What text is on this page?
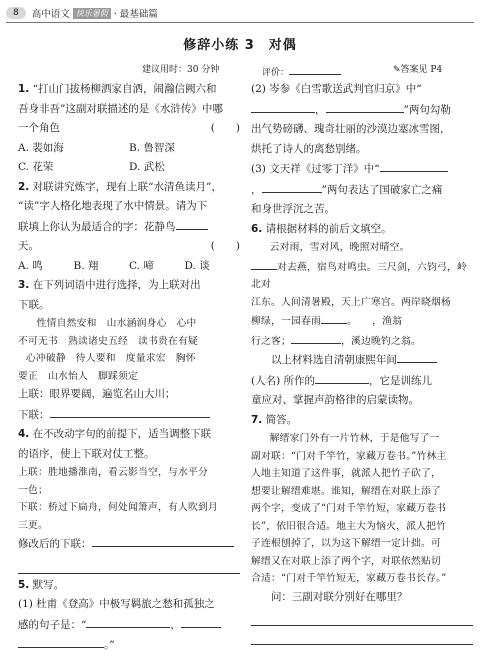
8	高中语文 快乐暑假 · 最基础篇
修辞小练 3　对偶
建议用时：30 分钟	评价：	✎答案见 P4

1. “打山门拔杨柳洒家自洒，闹瀚信阙六和

吾身非吾”这副对联描述的是《水浒传》中哪

一个角色	(　　)

A. 裴如海	B. 鲁智深
C. 花荣	D. 武松

2. 对联讲究炼字，现有上联“水清鱼读月”，

“读”字人格化地表现了水中情景。请为下

联填上你认为最适合的字：花静鸟

天。	(　　)

A. 鸣	B. 翔	C. 啼	D. 谈

3. 在下列词语中进行选择，为上联对出

下联。

性情自然安和　山水涵润身心　心中

不可无书　熟读诸史五经　读书贵在有疑

心冲破静　待人要和　度量求宏　胸怀

要正　山水怡人　脚踩须定

上联：眼界要阔，遍览名山大川；

下联：

4. 在不改动字句的前提下，适当调整下联

的语序，使上下联对仗工整。

上联：胜地播淮南，看云影当空，与水平分

一色；

下联：桥过下扁舟，何处闻箫声，有人吹到月

三更。

修改后的下联：

5. 默写。

(1) 杜甫《登高》中极写羁旅之愁和孤独之

感的句子是：“	，

。”

(2) 岑参《白雪歌送武判官归京》中“

，	”两句勾勒

出气势磅礴、瑰奇壮丽的沙漠边塞冰雪图，

烘托了诗人的离愁别绪。

(3) 文天祥《过零丁洋》中“

，	”两句表达了国破家亡之痛

和身世浮沉之苦。

6. 请根据材料的前后文填空。

云对雨，雪对风，晚照对晴空。

对去燕，宿鸟对鸣虫。三尺剑，六钧弓，岭北对

江东。人间清暑殿，天上广寒宫。两岸晓烟杨

柳绿，一园春雨	。　　，渔翁

行之客；	，溪边晚钓之翁。

以上材料选自清朝康熙年间

(人名) 所作的	，它是训练儿

童应对、掌握声韵格律的启蒙读物。

7. 简答。

解缙家门外有一片竹林，于是他写了一

副对联：“门对千竿竹，家藏万卷书。”竹林主

人地主知道了这件事，就派人把竹子砍了，

想要让解缙难堪。谁知，解缙在对联上添了

两个字，变成了“门对千竿竹短，家藏万卷书

长”，依旧很合适。地主大为恼火，派人把竹

子连根刨掉了，以为这下解缙一定计拙。可

解缙又在对联上添了两个字，对联依然贴切

合适：“门对千竿竹短无，家藏万卷书长存。”

问：三副对联分别好在哪里？
